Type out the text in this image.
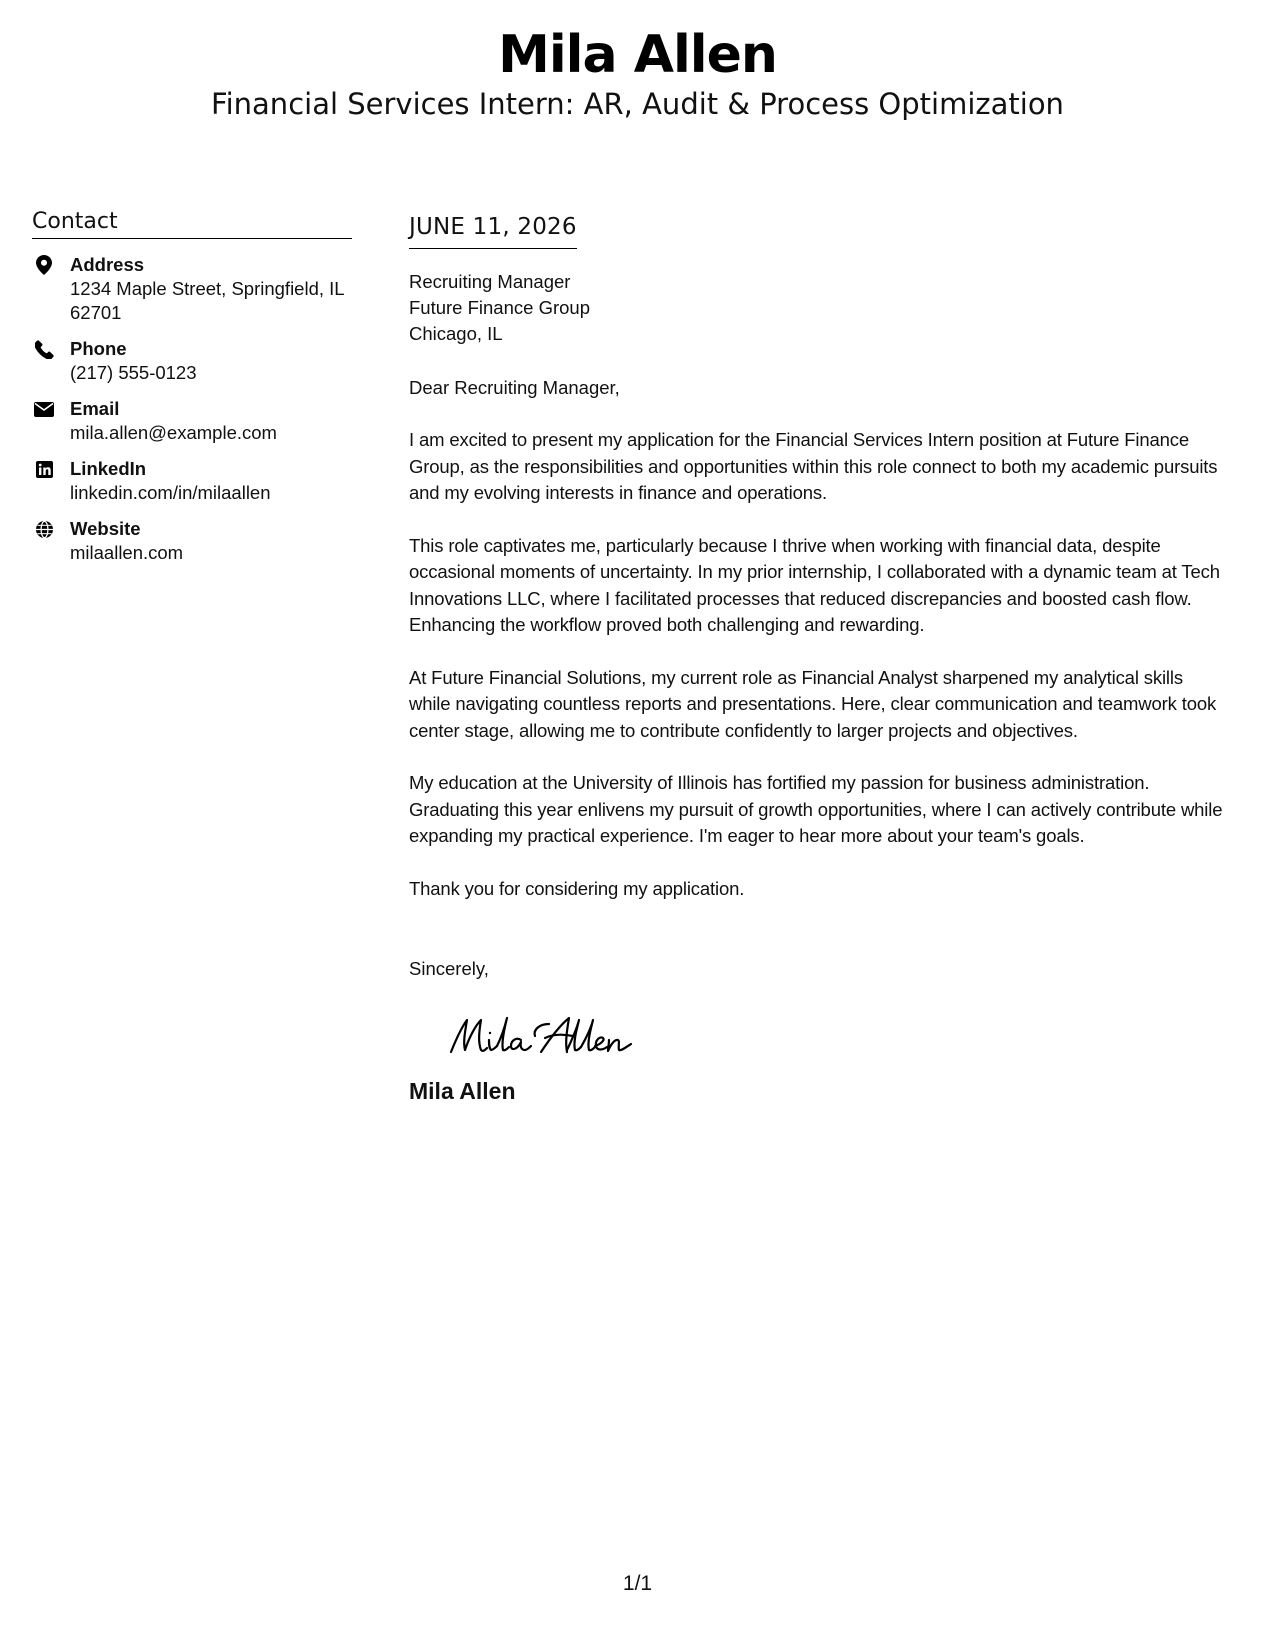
Mila Allen
Financial Services Intern: AR, Audit & Process Optimization
Contact
Address
1234 Maple Street, Springfield, IL 62701
Phone
(217) 555-0123
Email
mila.allen@example.com
LinkedIn
linkedin.com/in/milaallen
Website
milaallen.com
JUNE 11, 2026
Recruiting Manager
Future Finance Group
Chicago, IL
Dear Recruiting Manager,
I am excited to present my application for the Financial Services Intern position at Future Finance Group, as the responsibilities and opportunities within this role connect to both my academic pursuits and my evolving interests in finance and operations.
This role captivates me, particularly because I thrive when working with financial data, despite occasional moments of uncertainty. In my prior internship, I collaborated with a dynamic team at Tech Innovations LLC, where I facilitated processes that reduced discrepancies and boosted cash flow. Enhancing the workflow proved both challenging and rewarding.
At Future Financial Solutions, my current role as Financial Analyst sharpened my analytical skills while navigating countless reports and presentations. Here, clear communication and teamwork took center stage, allowing me to contribute confidently to larger projects and objectives.
My education at the University of Illinois has fortified my passion for business administration. Graduating this year enlivens my pursuit of growth opportunities, where I can actively contribute while expanding my practical experience. I'm eager to hear more about your team's goals.
Thank you for considering my application.
Sincerely,
Mila Allen
1/1
